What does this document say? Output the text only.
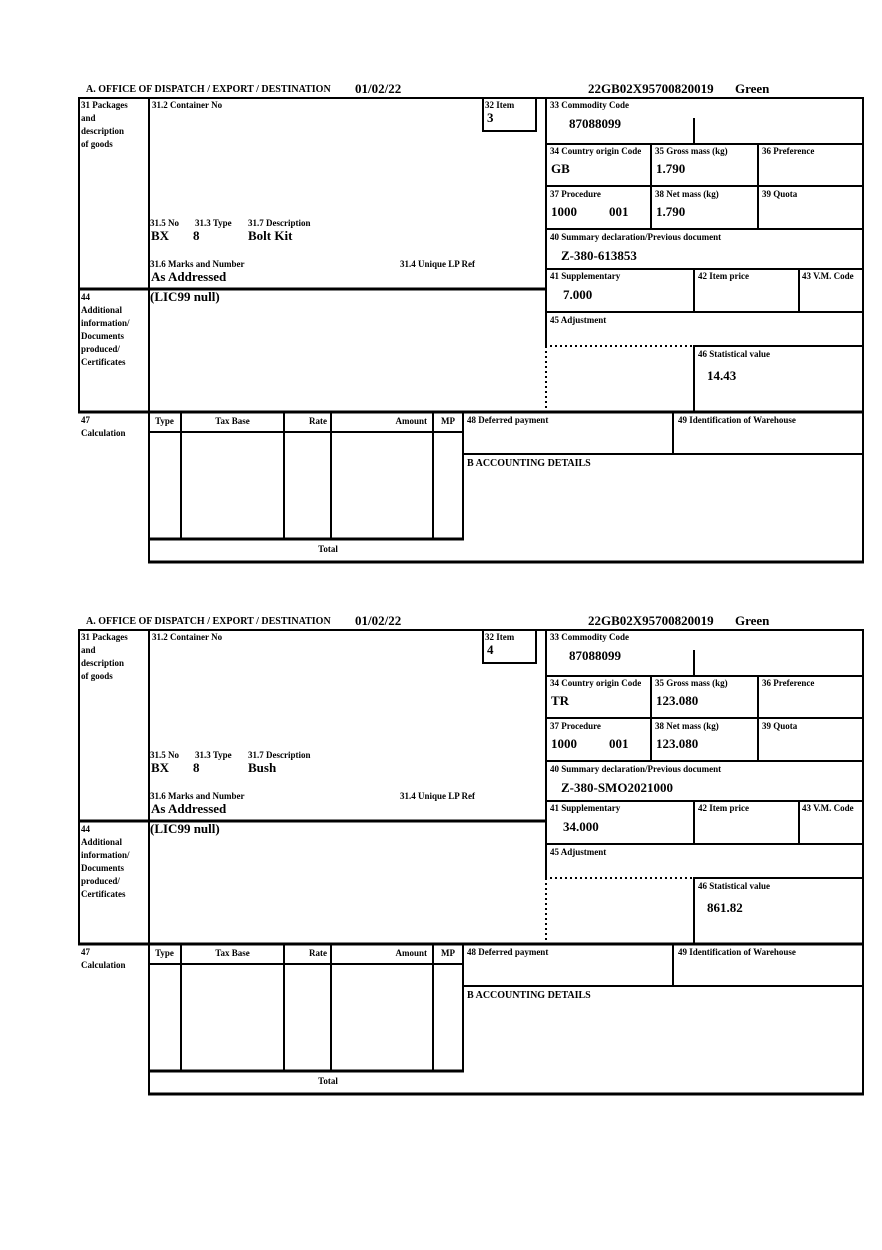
A. OFFICE OF DISPATCH / EXPORT / DESTINATION 01/02/22	22GB02X95700820019 Green
31 Packages
and
description
of goods
31.2 Container No	32 Item
3
33 Commodity Code
87088099
34 Country origin Code
GB
35 Gross mass (kg)
1.790
36 Preference
37 Procedure
1000 001
38 Net mass (kg)
1.790
39 Quota
40 Summary declaration/Previous document
Z-380-613853
41 Supplementary
7.000
42 Item price	43 V.M. Code
45 Adjustment
46 Statistical value
14.43
31.5 No 31.3 Type 31.7 Description
BX 8	Bolt Kit
31.6 Marks and Number	31.4 Unique LP Ref
As Addressed
44
Additional
information/
Documents
produced/
Certificates
(LIC99 null)
47
Calculation
Type	Tax Base	Rate	Amount	MP	48 Deferred payment	49 Identification of Warehouse
B ACCOUNTING DETAILS
Total
A. OFFICE OF DISPATCH / EXPORT / DESTINATION 01/02/22	22GB02X95700820019 Green
31 Packages
and
description
of goods
31.2 Container No	32 Item
4
33 Commodity Code
87088099
34 Country origin Code
TR
35 Gross mass (kg)
123.080
36 Preference
37 Procedure
1000 001
38 Net mass (kg)
123.080
39 Quota
40 Summary declaration/Previous document
Z-380-SMO2021000
41 Supplementary
34.000
42 Item price	43 V.M. Code
45 Adjustment
46 Statistical value
861.82
31.5 No 31.3 Type 31.7 Description
BX 8	Bush
31.6 Marks and Number	31.4 Unique LP Ref
As Addressed
44
Additional
information/
Documents
produced/
Certificates
(LIC99 null)
47
Calculation
Type	Tax Base	Rate	Amount	MP	48 Deferred payment	49 Identification of Warehouse
B ACCOUNTING DETAILS
Total
